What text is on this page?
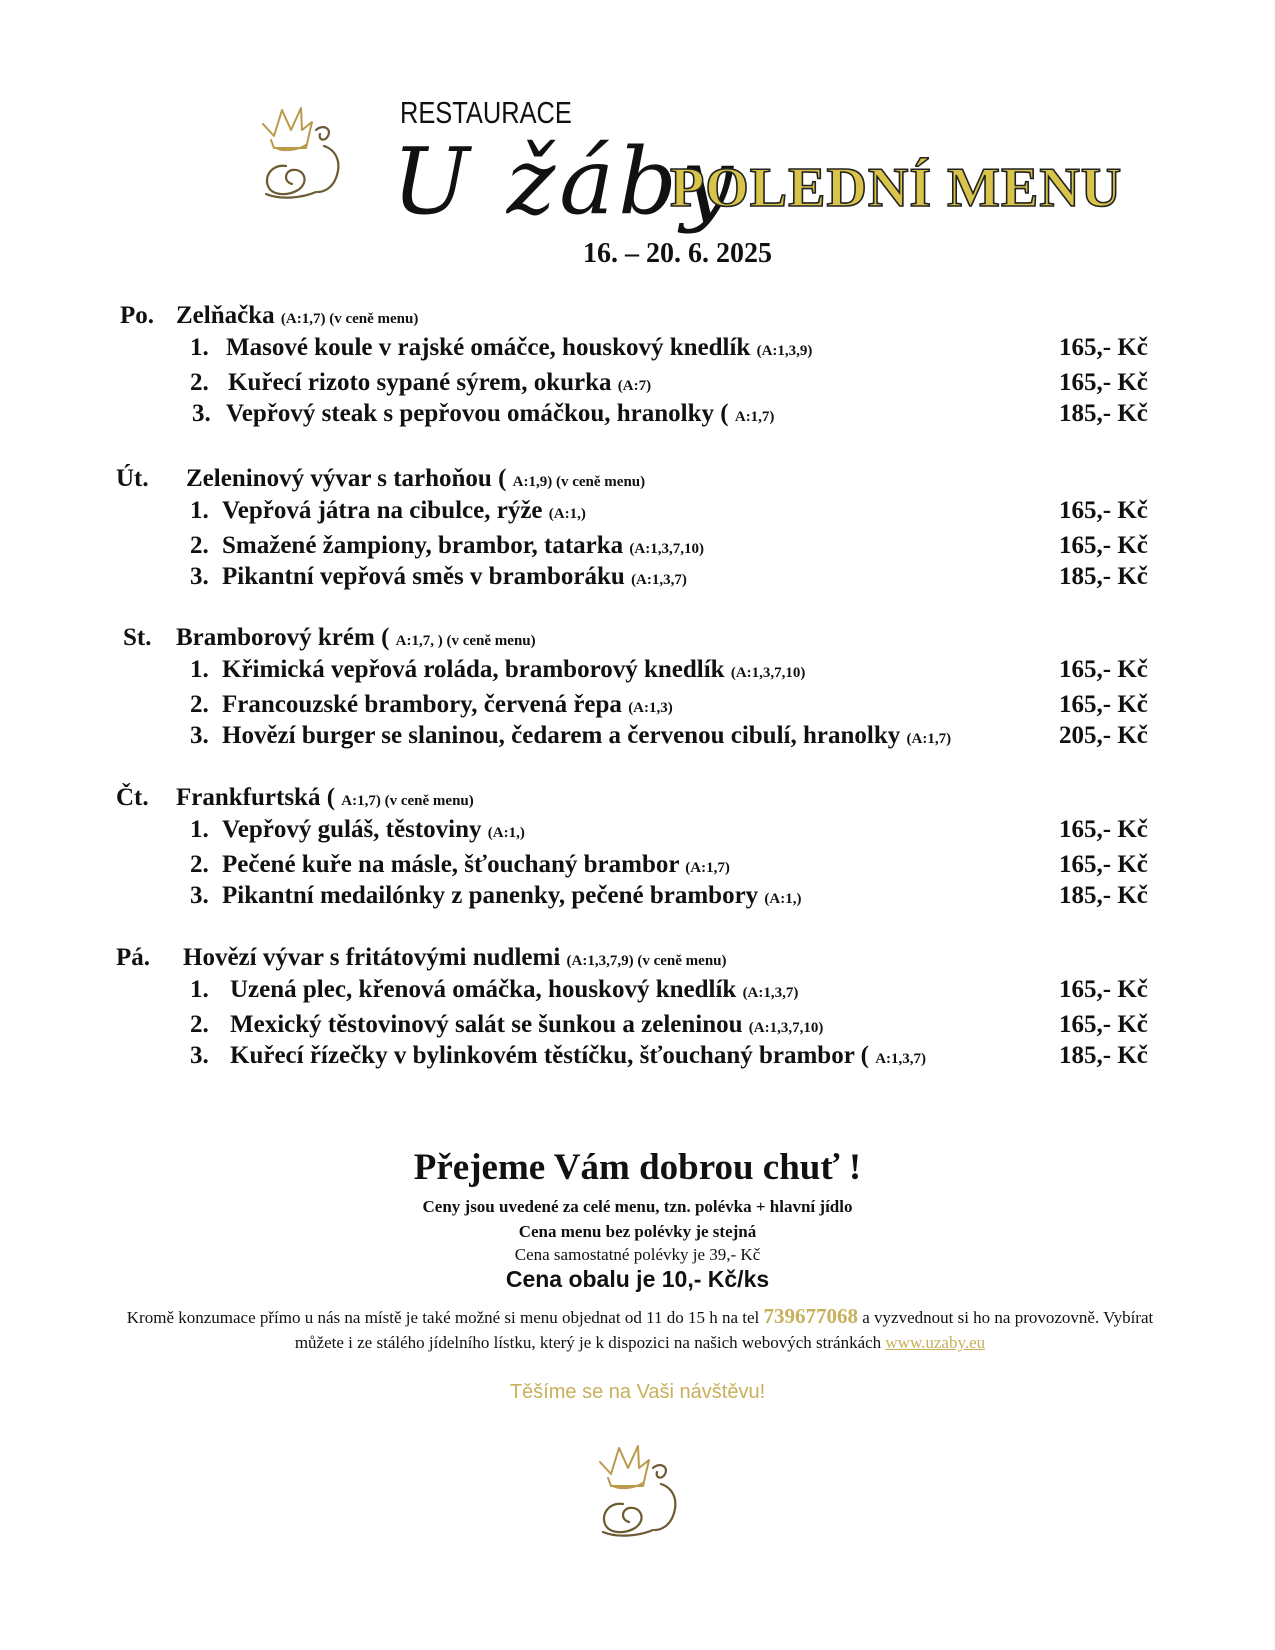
RESTAURACE
U žáby
POLEDNÍ MENU
16. – 20. 6. 2025
Po. Zelňačka (A:1,7) (v ceně menu)
1. Masové koule v rajské omáčce, houskový knedlík (A:1,3,9)	165,- Kč
2. Kuřecí rizoto sypané sýrem, okurka (A:7)	165,- Kč
3. Vepřový steak s pepřovou omáčkou, hranolky ( A:1,7)	185,- Kč
Út. Zeleninový vývar s tarhoňou ( A:1,9) (v ceně menu)
1. Vepřová játra na cibulce, rýže (A:1,)	165,- Kč
2. Smažené žampiony, brambor, tatarka (A:1,3,7,10)	165,- Kč
3. Pikantní vepřová směs v bramboráku (A:1,3,7)	185,- Kč
St. Bramborový krém ( A:1,7, ) (v ceně menu)
1. Křimická vepřová roláda, bramborový knedlík (A:1,3,7,10)	165,- Kč
2. Francouzské brambory, červená řepa (A:1,3)	165,- Kč
3. Hovězí burger se slaninou, čedarem a červenou cibulí, hranolky (A:1,7)	205,- Kč
Čt. Frankfurtská ( A:1,7) (v ceně menu)
1. Vepřový guláš, těstoviny (A:1,)	165,- Kč
2. Pečené kuře na másle, šťouchaný brambor (A:1,7)	165,- Kč
3. Pikantní medailónky z panenky, pečené brambory (A:1,)	185,- Kč
Pá. Hovězí vývar s fritátovými nudlemi (A:1,3,7,9) (v ceně menu)
1. Uzená plec, křenová omáčka, houskový knedlík (A:1,3,7)	165,- Kč
2. Mexický těstovinový salát se šunkou a zeleninou (A:1,3,7,10)	165,- Kč
3. Kuřecí řízečky v bylinkovém těstíčku, šťouchaný brambor ( A:1,3,7)	185,- Kč
Přejeme Vám dobrou chuť !
Ceny jsou uvedené za celé menu, tzn. polévka + hlavní jídlo
Cena menu bez polévky je stejná
Cena samostatné polévky je 39,- Kč
Cena obalu je 10,- Kč/ks
Kromě konzumace přímo u nás na místě je také možné si menu objednat od 11 do 15 h na tel 739677068 a vyzvednout si ho na provozovně. Vybírat můžete i ze stálého jídelního lístku, který je k dispozici na našich webových stránkách www.uzaby.eu
Těšíme se na Vaši návštěvu!
